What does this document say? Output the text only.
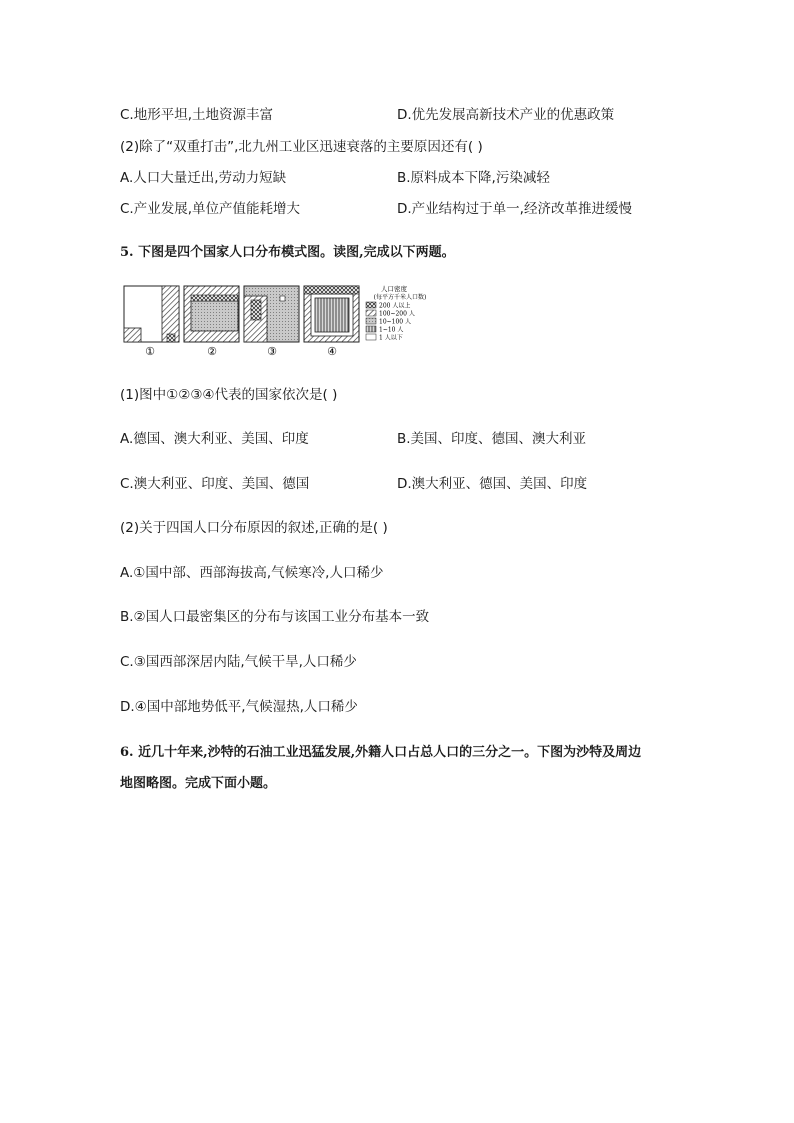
C.地形平坦,土地资源丰富	D.优先发展高新技术产业的优惠政策
(2)除了“双重打击”,北九州工业区迅速衰落的主要原因还有( )
A.人口大量迁出,劳动力短缺	B.原料成本下降,污染减轻
C.产业发展,单位产值能耗增大	D.产业结构过于单一,经济改革推进缓慢
5. 下图是四个国家人口分布模式图。读图,完成以下两题。
①	②	③	④
人口密度
(每平方千米人口数)
200 人以上
100~200 人
10~100 人
1~10 人
1 人以下
(1)图中①②③④代表的国家依次是( )
A.德国、澳大利亚、美国、印度	B.美国、印度、德国、澳大利亚
C.澳大利亚、印度、美国、德国	D.澳大利亚、德国、美国、印度
(2)关于四国人口分布原因的叙述,正确的是( )
A.①国中部、西部海拔高,气候寒冷,人口稀少
B.②国人口最密集区的分布与该国工业分布基本一致
C.③国西部深居内陆,气候干旱,人口稀少
D.④国中部地势低平,气候湿热,人口稀少
6. 近几十年来,沙特的石油工业迅猛发展,外籍人口占总人口的三分之一。下图为沙特及周边
地图略图。完成下面小题。
